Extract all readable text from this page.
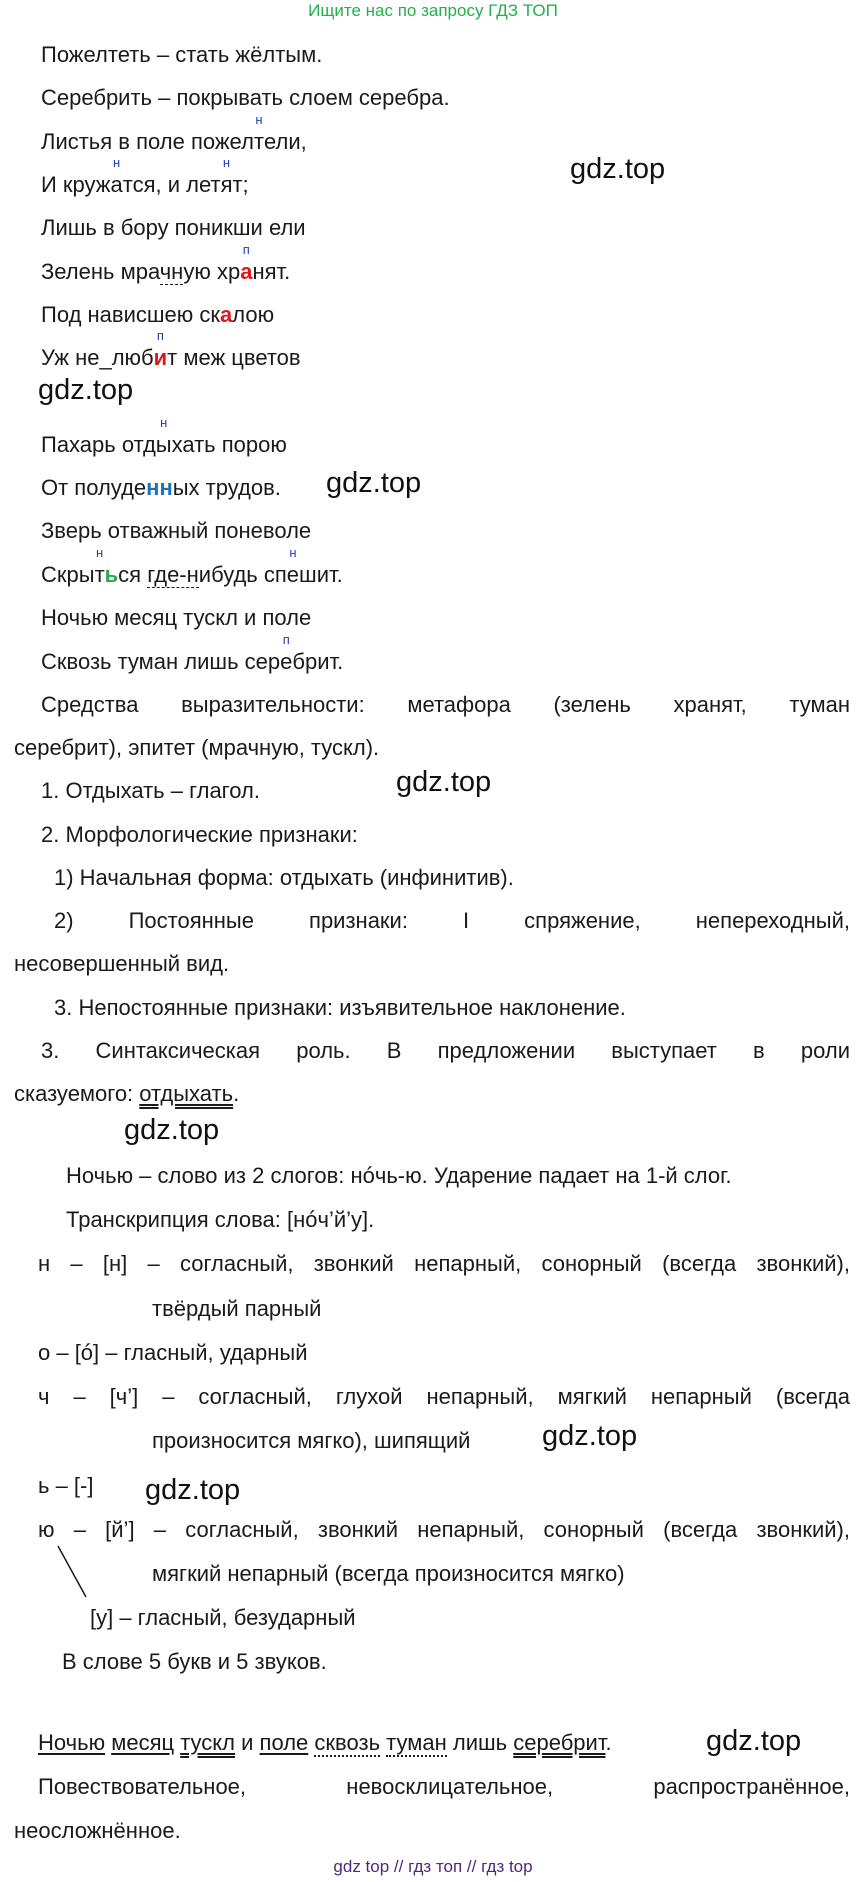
Ищите нас по запросу ГДЗ ТОП
Пожелтеть – стать жёлтым.
Серебрить – покрывать слоем серебра.
Листья в поле пожел
н
тели,
И круж
н
атся, и лет
н
ят;
Лишь в бору поникши ели
Зелень мрачную хр
п
анят.
Под нависшею скалою
Уж не_люб
п
ит меж цветов
Пахарь отд
н
ыхать порою
От полуденных трудов.
Зверь отважный поневоле
Скры
н
ться где-нибудь сп
н
ешит.
Ночью месяц тускл и поле
Сквозь туман лишь сер
п
ебрит.
Средства выразительности: метафора (зелень хранят, туман
серебрит), эпитет (мрачную, тускл).
1. Отдыхать – глагол.
2. Морфологические признаки:
1) Начальная форма: отдыхать (инфинитив).
2) Постоянные признаки: I спряжение, непереходный,
несовершенный вид.
3. Непостоянные признаки: изъявительное наклонение.
3. Синтаксическая роль. В предложении выступает в роли
сказуемого: отдыхать.
Ночью – слово из 2 слогов: нóчь-ю. Ударение падает на 1-й слог.
Транскрипция слова: [нóч’й’у].
н – [н] – согласный, звонкий непарный, сонорный (всегда звонкий),
твёрдый парный
о – [ó] – гласный, ударный
ч – [ч’] – согласный, глухой непарный, мягкий непарный (всегда
произносится мягко), шипящий
ь – [-]
ю – [й’] – согласный, звонкий непарный, сонорный (всегда звонкий),
мягкий непарный (всегда произносится мягко)
[у] – гласный, безударный
В слове 5 букв и 5 звуков.
Ночью месяц тускл и поле сквозь туман лишь серебрит.
Повествовательное, невосклицательное, распространённое,
неосложнённое.
gdz.top
gdz.top
gdz.top
gdz.top
gdz.top
gdz.top
gdz.top
gdz.top
gdz top // гдз топ // гдз top
